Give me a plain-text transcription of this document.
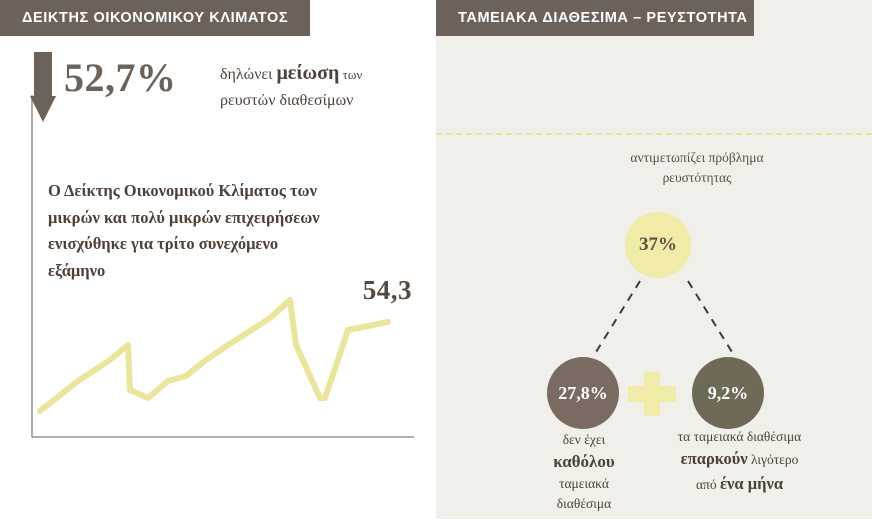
ΔΕΙΚΤΗΣ ΟΙΚΟΝΟΜΙΚΟΥ ΚΛΙΜΑΤΟΣ
Ο Δείκτης Οικονομικού Κλίματος των μικρών και πολύ μικρών επιχειρήσεων ενισχύθηκε για τρίτο συνεχόμενο εξάμηνο
54,3
ΤΑΜΕΙΑΚΑ ΔΙΑΘΕΣΙΜΑ – ΡΕΥΣΤΟΤΗΤΑ
52,7%	δηλώνει μείωση των
ρευστών διαθεσίμων
αντιμετωπίζει πρόβλημα ρευστότητας
37%
27,8%	9,2%
δεν έχει
καθόλου
ταμειακά
διαθέσιμα
τα ταμειακά διαθέσιμα
επαρκούν λιγότερο
από ένα μήνα
